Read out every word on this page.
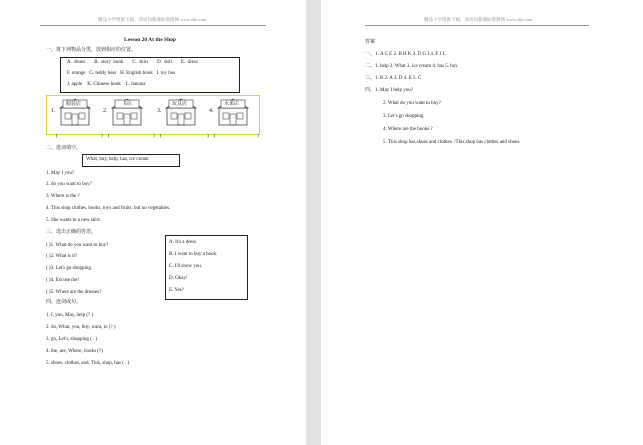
精品小学资源下载，请访问新课标资源网 www.xkb.com
Lesson 20 At the Shop
一、将下列物品分类，放到相应的位置。
A. shoes B. story book C. skirt D. doll E. dress
F. orange G. teddy bear H. English book I. toy bus
J. apple K. Chinese book L. banana
1.
服装店
2.
书店
3.
玩具店
4.
水果店
(	) (	) (	) (	)
二、选词填空。
What, buy, help, has, ice cream
1. May I you?
2. do you want to buy?
3. Where is the ?
4. This shop clothes, books, toys and fruits, but no vegetables.
5. She wants to a new skirt.
三、选出正确的答语。
( )1. What do you want to buy?
( )2. What is it?
( )3. Let's go shopping.
( )4. Excuse me!
( )5. Where are the dresses?
A. It's a dress.
B. I want to buy a book.
C. I'll show you.
D. Okay!
E. Yes?
四、连词成句。
1. I, you, May, help (? )
2. do, What, you, buy, want, to (? )
3. go, Let's, shopping ( . )
4. the, are, Where, books (?)
5. shoes, clothes, and, This, shop, has ( . )
精品小学资源下载，请访问新课标资源网 www.xkb.com
答案
一、1. A C E 2. B H K 3. D G I 4. F J L
二、1. help 2. What 3. ice cream 4. has 5. buy
三、1. B 2. A 3. D 4. E 5. C
四、1. May I help you?
2. What do you want to buy?
3. Let's go shopping.
4. Where are the books ?
5. This shop has shoes and clothes. /This shop has clothes and shoes.
